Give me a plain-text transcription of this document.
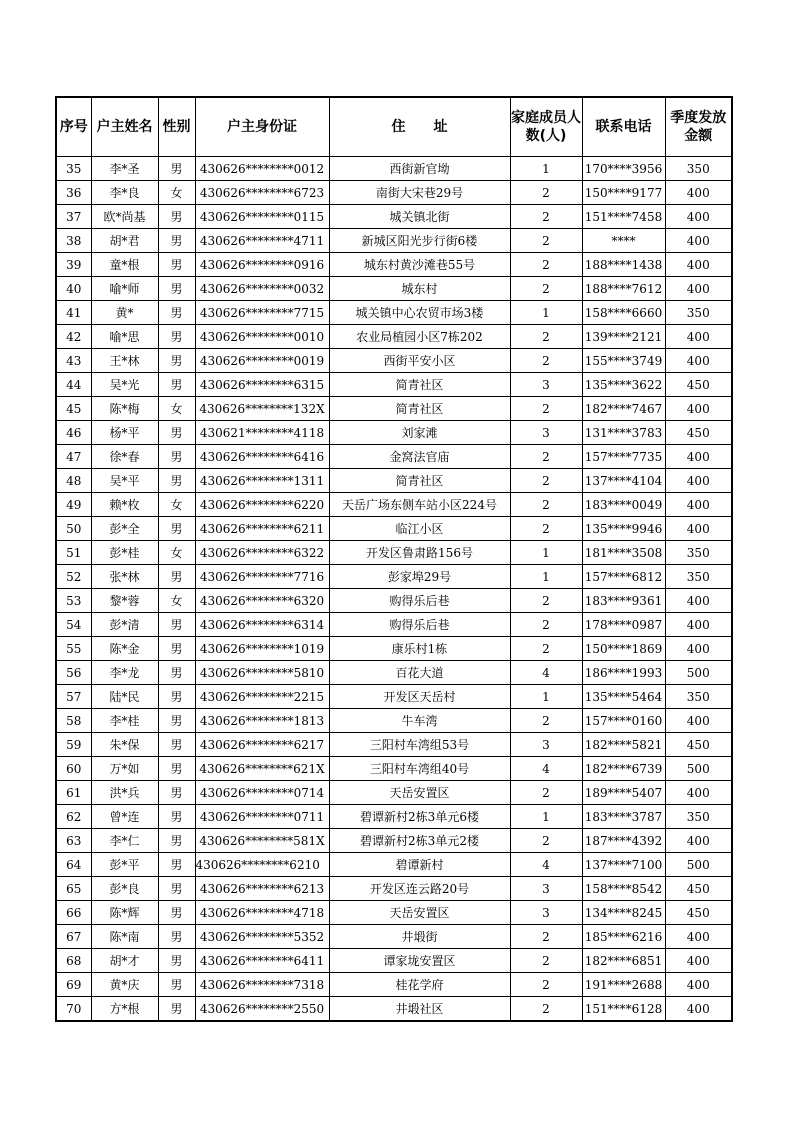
序号	户主姓名	性别	户主身份证	住　　址	家庭成员人数(人)	联系电话	季度发放金额
35	李*圣	男	430626********0012	西街新官坳	1	170****3956	350
36	李*良	女	430626********6723	南街大宋巷29号	2	150****9177	400
37	欧*尚基	男	430626********0115	城关镇北街	2	151****7458	400
38	胡*君	男	430626********4711	新城区阳光步行街6楼	2	****	400
39	童*根	男	430626********0916	城东村黄沙滩巷55号	2	188****1438	400
40	喻*师	男	430626********0032	城东村	2	188****7612	400
41	黄*	男	430626********7715	城关镇中心农贸市场3楼	1	158****6660	350
42	喻*思	男	430626********0010	农业局植园小区7栋202	2	139****2121	400
43	王*林	男	430626********0019	西街平安小区	2	155****3749	400
44	吴*光	男	430626********6315	简青社区	3	135****3622	450
45	陈*梅	女	430626********132X	简青社区	2	182****7467	400
46	杨*平	男	430621********4118	刘家滩	3	131****3783	450
47	徐*春	男	430626********6416	金窝法官庙	2	157****7735	400
48	吴*平	男	430626********1311	简青社区	2	137****4104	400
49	赖*枚	女	430626********6220	天岳广场东侧车站小区224号	2	183****0049	400
50	彭*全	男	430626********6211	临江小区	2	135****9946	400
51	彭*桂	女	430626********6322	开发区鲁肃路156号	1	181****3508	350
52	张*林	男	430626********7716	彭家埠29号	1	157****6812	350
53	黎*蓉	女	430626********6320	购得乐后巷	2	183****9361	400
54	彭*清	男	430626********6314	购得乐后巷	2	178****0987	400
55	陈*金	男	430626********1019	康乐村1栋	2	150****1869	400
56	李*龙	男	430626********5810	百花大道	4	186****1993	500
57	陆*民	男	430626********2215	开发区天岳村	1	135****5464	350
58	李*桂	男	430626********1813	牛车湾	2	157****0160	400
59	朱*保	男	430626********6217	三阳村车湾组53号	3	182****5821	450
60	万*如	男	430626********621X	三阳村车湾组40号	4	182****6739	500
61	洪*兵	男	430626********0714	天岳安置区	2	189****5407	400
62	曾*连	男	430626********0711	碧谭新村2栋3单元6楼	1	183****3787	350
63	李*仁	男	430626********581X	碧谭新村2栋3单元2楼	2	187****4392	400
64	彭*平	男	430626********6210	碧谭新村	4	137****7100	500
65	彭*良	男	430626********6213	开发区连云路20号	3	158****8542	450
66	陈*辉	男	430626********4718	天岳安置区	3	134****8245	450
67	陈*南	男	430626********5352	井塅街	2	185****6216	400
68	胡*才	男	430626********6411	谭家垅安置区	2	182****6851	400
69	黄*庆	男	430626********7318	桂花学府	2	191****2688	400
70	方*根	男	430626********2550	井塅社区	2	151****6128	400
